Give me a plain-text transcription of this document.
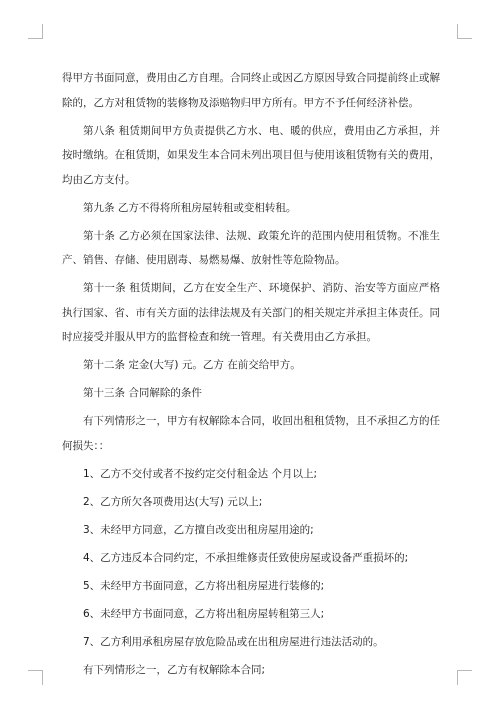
得甲方书面同意，费用由乙方自理。合同终止或因乙方原因导致合同提前终止或解除的，乙方对租赁物的装修物及添赔物归甲方所有。甲方不予任何经济补偿。

第八条 租赁期间甲方负责提供乙方水、电、暖的供应，费用由乙方承担，并按时缴纳。在租赁期，如果发生本合同未列出项目但与使用该租赁物有关的费用，均由乙方支付。

第九条 乙方不得将所租房屋转租或变相转租。

第十条 乙方必须在国家法律、法规、政策允许的范围内使用租赁物。不准生产、销售、存储、使用剧毒、易燃易爆、放射性等危险物品。

第十一条 租赁期间，乙方在安全生产、环境保护、消防、治安等方面应严格执行国家、省、市有关方面的法律法规及有关部门的相关规定并承担主体责任。同时应接受并服从甲方的监督检查和统一管理。有关费用由乙方承担。

第十二条 定金(大写) 元。乙方 在前交给甲方。

第十三条 合同解除的条件

有下列情形之一，甲方有权解除本合同，收回出租租赁物，且不承担乙方的任何损失：：

1、乙方不交付或者不按约定交付租金达 个月以上;

2、乙方所欠各项费用达(大写) 元以上;

3、未经甲方同意，乙方擅自改变出租房屋用途的;

4、乙方违反本合同约定，不承担维修责任致使房屋或设备严重损坏的;

5、未经甲方书面同意，乙方将出租房屋进行装修的;

6、未经甲方书面同意，乙方将出租房屋转租第三人;

7、乙方利用承租房屋存放危险品或在出租房屋进行违法活动的。

有下列情形之一，乙方有权解除本合同;
